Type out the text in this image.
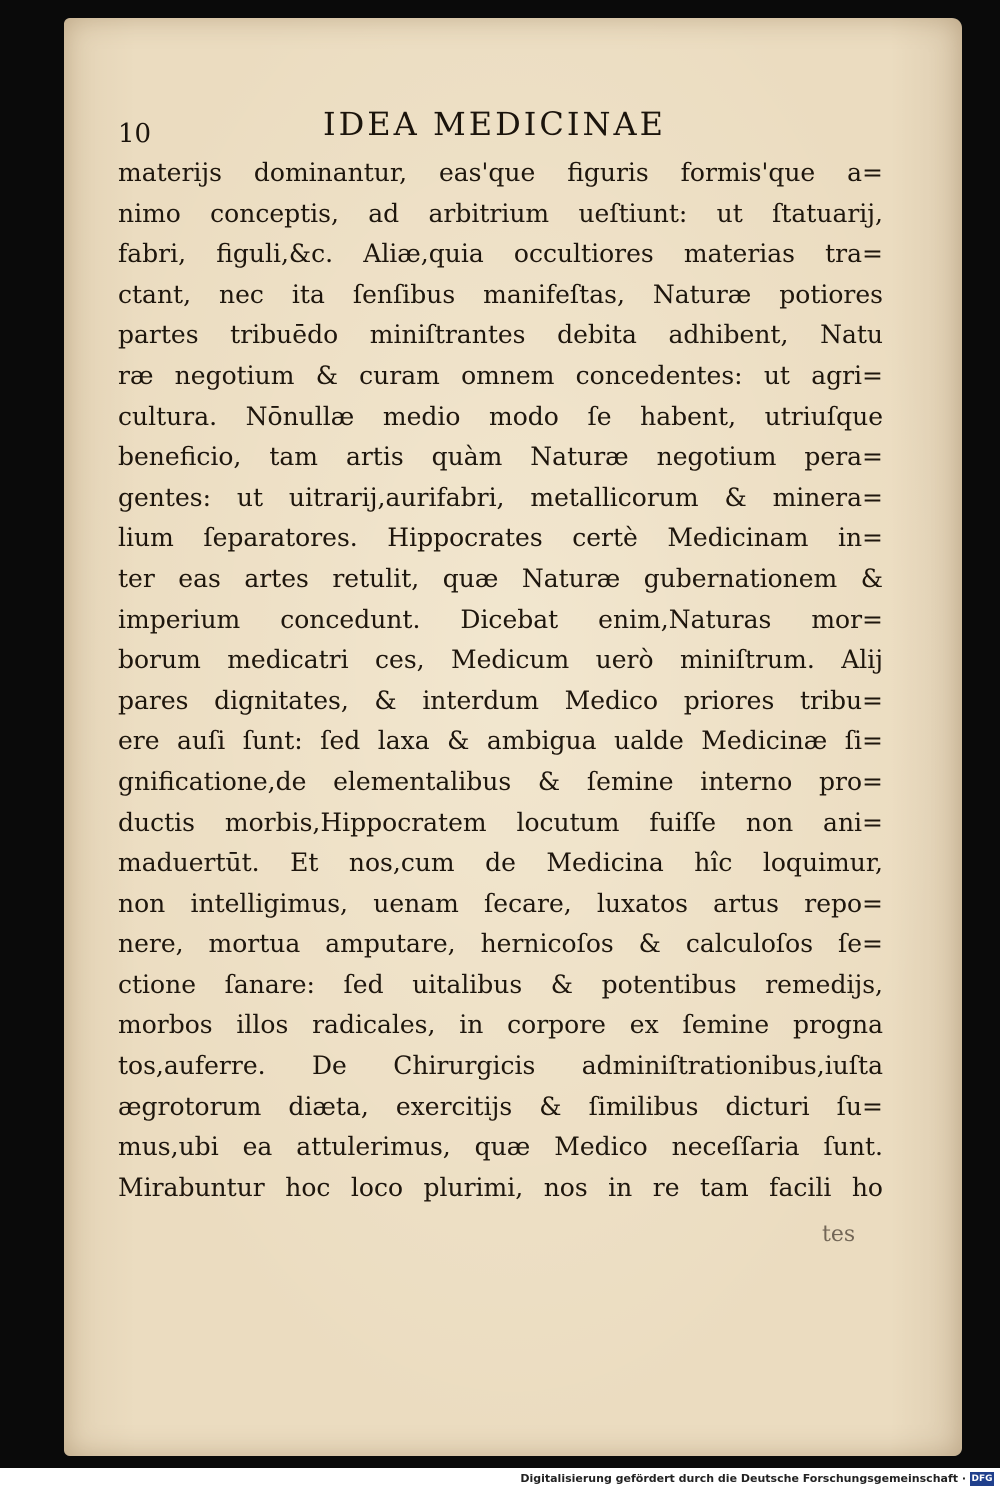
10	IDEA MEDICINAE
materijs dominantur, eas'que figuris formis'que a=
nimo conceptis, ad arbitrium ueſtiunt: ut ſtatuarij,
fabri, figuli,&c. Aliæ,quia occultiores materias tra=
ctant, nec ita ſenſibus manifeſtas, Naturæ potiores
partes tribuēdo miniſtrantes debita adhibent, Natu
ræ negotium & curam omnem concedentes: ut agri=
cultura. Nōnullæ medio modo ſe habent, utriuſque
beneficio, tam artis quàm Naturæ negotium pera=
gentes: ut uitrarij,aurifabri, metallicorum & minera=
lium ſeparatores. Hippocrates certè Medicinam in=
ter eas artes retulit, quæ Naturæ gubernationem &
imperium concedunt. Dicebat enim,Naturas mor=
borum medicatri ces, Medicum uerò miniſtrum. Alij
pares dignitates, & interdum Medico priores tribu=
ere auſi ſunt: ſed laxa & ambigua ualde Medicinæ ſi=
gnificatione,de elementalibus & ſemine interno pro=
ductis morbis,Hippocratem locutum fuiſſe non ani=
maduertūt. Et nos,cum de Medicina hîc loquimur,
non intelligimus, uenam ſecare, luxatos artus repo=
nere, mortua amputare, hernicoſos & calculoſos ſe=
ctione ſanare: ſed uitalibus & potentibus remedijs,
morbos illos radicales, in corpore ex ſemine progna
tos,auferre. De Chirurgicis adminiſtrationibus,iuſta
ægrotorum diæta, exercitijs & ſimilibus dicturi ſu=
mus,ubi ea attulerimus, quæ Medico neceſſaria ſunt.
Mirabuntur hoc loco plurimi, nos in re tam facili ho
tes
Digitalisierung gefördert durch die Deutsche Forschungsgemeinschaft · DFG
